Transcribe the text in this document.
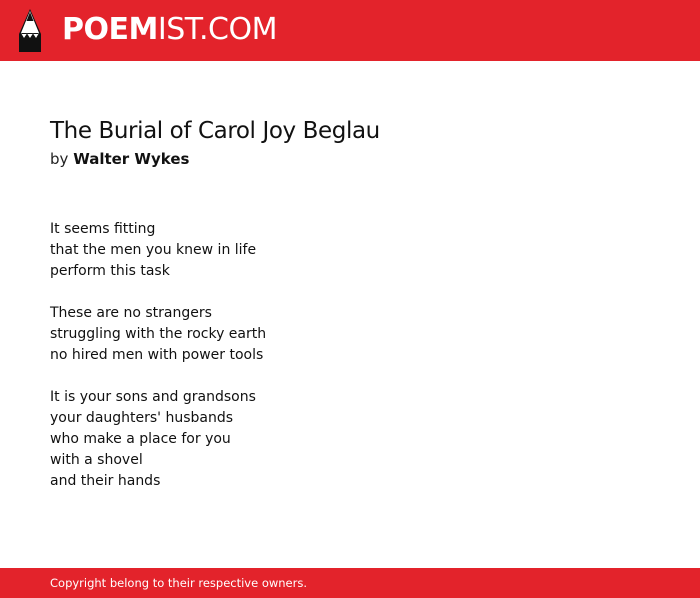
POEMIST.COM
The Burial of Carol Joy Beglau
by Walter Wykes
It seems fitting
that the men you knew in life
perform this task
These are no strangers
struggling with the rocky earth
no hired men with power tools
It is your sons and grandsons
your daughters' husbands
who make a place for you
with a shovel
and their hands
Copyright belong to their respective owners.
